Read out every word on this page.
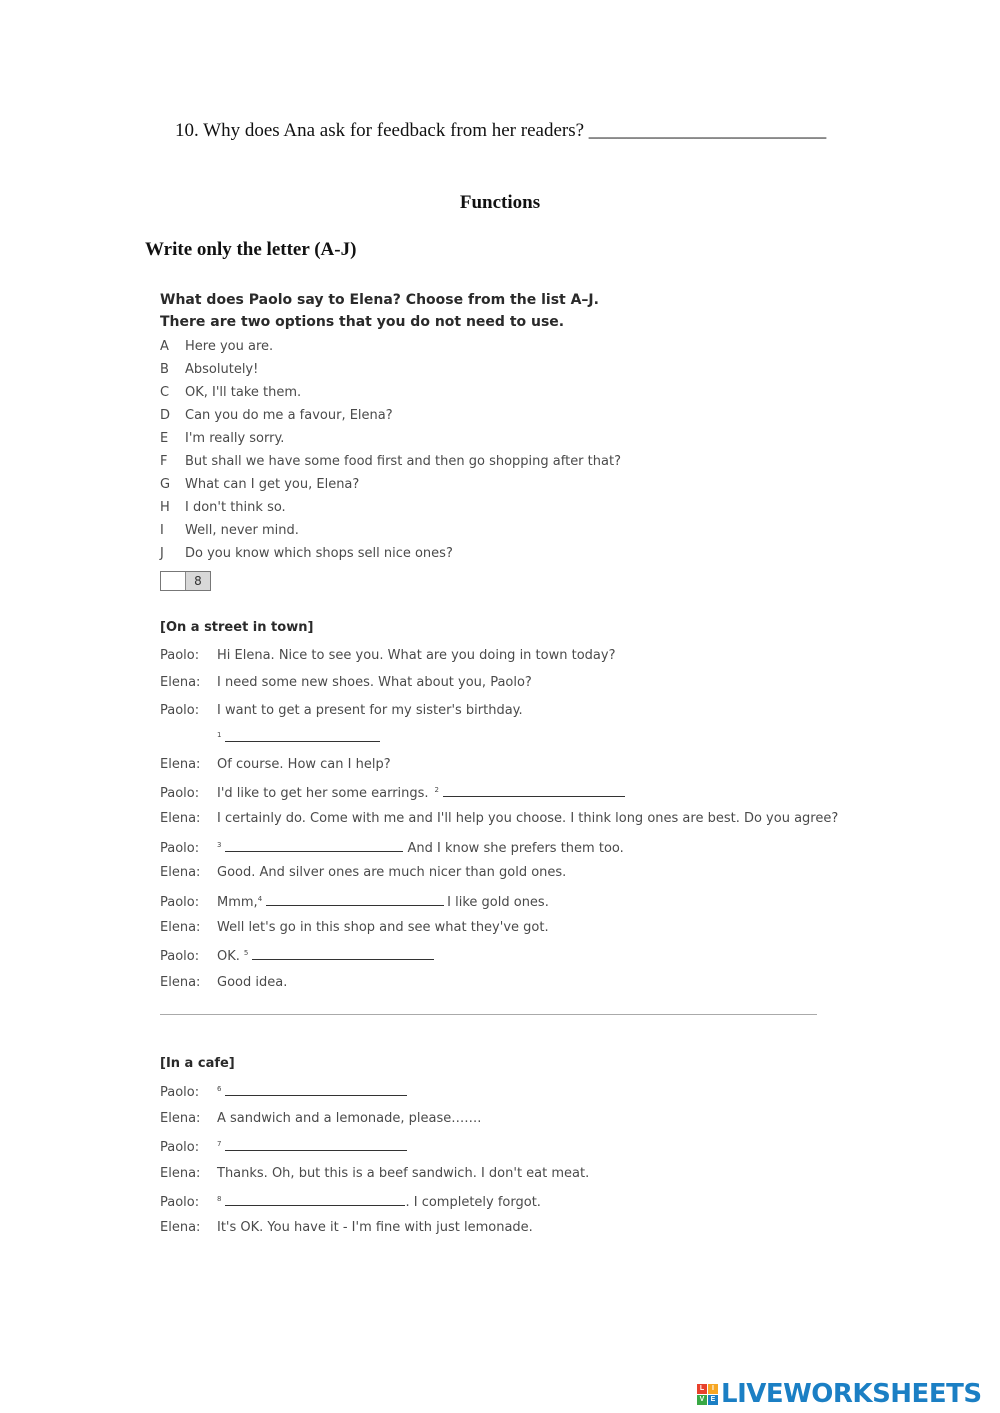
10. Why does Ana ask for feedback from her readers? _________________________
Functions
Write only the letter (A-J)
What does Paolo say to Elena? Choose from the list A–J.
There are two options that you do not need to use.
A	Here you are.
B	Absolutely!
C	OK, I'll take them.
D	Can you do me a favour, Elena?
E	I'm really sorry.
F	But shall we have some food first and then go shopping after that?
G	What can I get you, Elena?
H	I don't think so.
I	Well, never mind.
J	Do you know which shops sell nice ones?
8
[On a street in town]
Paolo:	Hi Elena. Nice to see you. What are you doing in town today?
Elena:	I need some new shoes. What about you, Paolo?
Paolo:	I want to get a present for my sister's birthday.
1
Elena:	Of course. How can I help?
Paolo:	I'd like to get her some earrings. 2
Elena:	I certainly do. Come with me and I'll help you choose. I think long ones are best. Do you agree?
Paolo:	3	And I know she prefers them too.
Elena:	Good. And silver ones are much nicer than gold ones.
Paolo:	Mmm, 4	I like gold ones.
Elena:	Well let's go in this shop and see what they've got.
Paolo:	OK. 5
Elena:	Good idea.
[In a cafe]
Paolo:	6
Elena:	A sandwich and a lemonade, please…….
Paolo:	7
Elena:	Thanks. Oh, but this is a beef sandwich. I don't eat meat.
Paolo:	8	. I completely forgot.
Elena:	It's OK. You have it - I'm fine with just lemonade.
L	I
V E LIVEWORKSHEETS
